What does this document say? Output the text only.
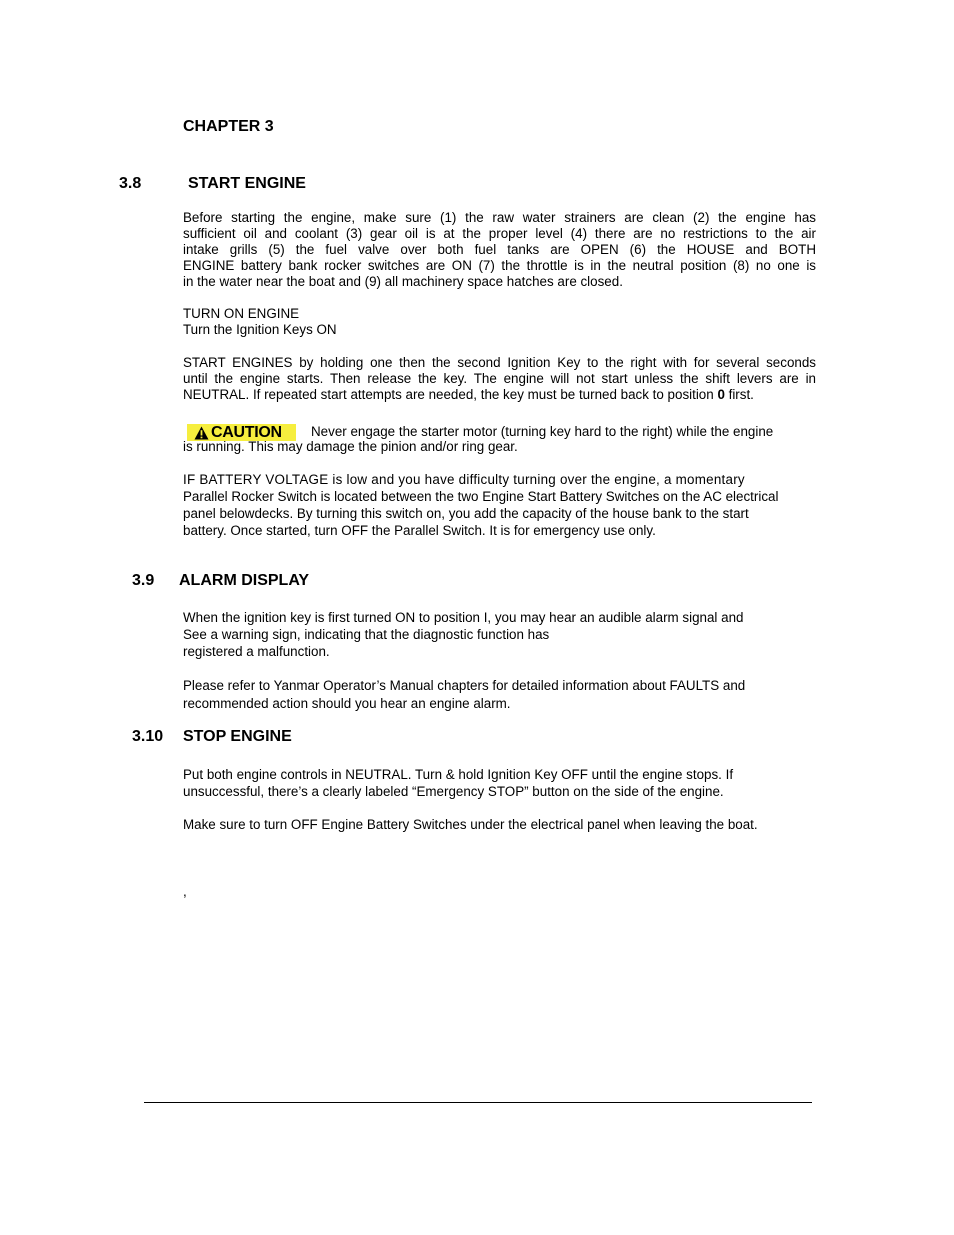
CHAPTER 3
3.8	START ENGINE
Before starting the engine, make sure (1) the raw water strainers are clean (2) the engine has
sufficient oil and coolant (3) gear oil is at the proper level (4) there are no restrictions to the air
intake grills (5) the fuel valve over both fuel tanks are OPEN (6) the HOUSE and BOTH
ENGINE battery bank rocker switches are ON (7) the throttle is in the neutral position (8) no one is
in the water near the boat and (9) all machinery space hatches are closed.
TURN ON ENGINE
Turn the Ignition Keys ON
START ENGINES by holding one then the second Ignition Key to the right with for several seconds
until the engine starts. Then release the key. The engine will not start unless the shift levers are in
NEUTRAL. If repeated start attempts are needed, the key must be turned back to position 0 first.
CAUTION Never engage the starter motor (turning key hard to the right) while the engine
is running. This may damage the pinion and/or ring gear.
IF BATTERY VOLTAGE is low and you have difficulty turning over the engine, a momentary
Parallel Rocker Switch is located between the two Engine Start Battery Switches on the AC electrical
panel belowdecks. By turning this switch on, you add the capacity of the house bank to the start
battery. Once started, turn OFF the Parallel Switch. It is for emergency use only.
3.9 ALARM DISPLAY
When the ignition key is first turned ON to position I, you may hear an audible alarm signal and
See a warning sign, indicating that the diagnostic function has
registered a malfunction.
Please refer to Yanmar Operator’s Manual chapters for detailed information about FAULTS and
recommended action should you hear an engine alarm.
3.10 STOP ENGINE
Put both engine controls in NEUTRAL. Turn & hold Ignition Key OFF until the engine stops. If
unsuccessful, there’s a clearly labeled “Emergency STOP” button on the side of the engine.
Make sure to turn OFF Engine Battery Switches under the electrical panel when leaving the boat.
,
